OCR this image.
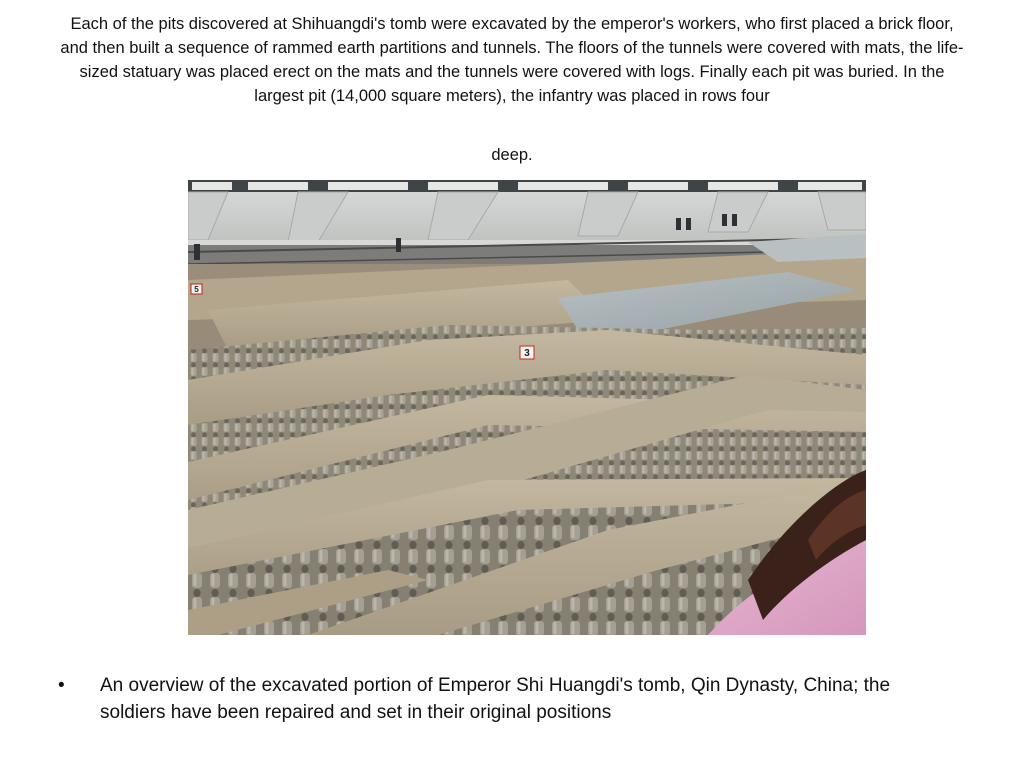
Each of the pits discovered at Shihuangdi's tomb were excavated by the emperor's workers, who first placed a brick floor, and then built a sequence of rammed earth partitions and tunnels. The floors of the tunnels were covered with mats, the life-sized statuary was placed erect on the mats and the tunnels were covered with logs. Finally each pit was buried. In the largest pit (14,000 square meters), the infantry was placed in rows four

deep.

5
3
• An overview of the excavated portion of Emperor Shi Huangdi's tomb, Qin Dynasty, China; the soldiers have been repaired and set in their original positions
